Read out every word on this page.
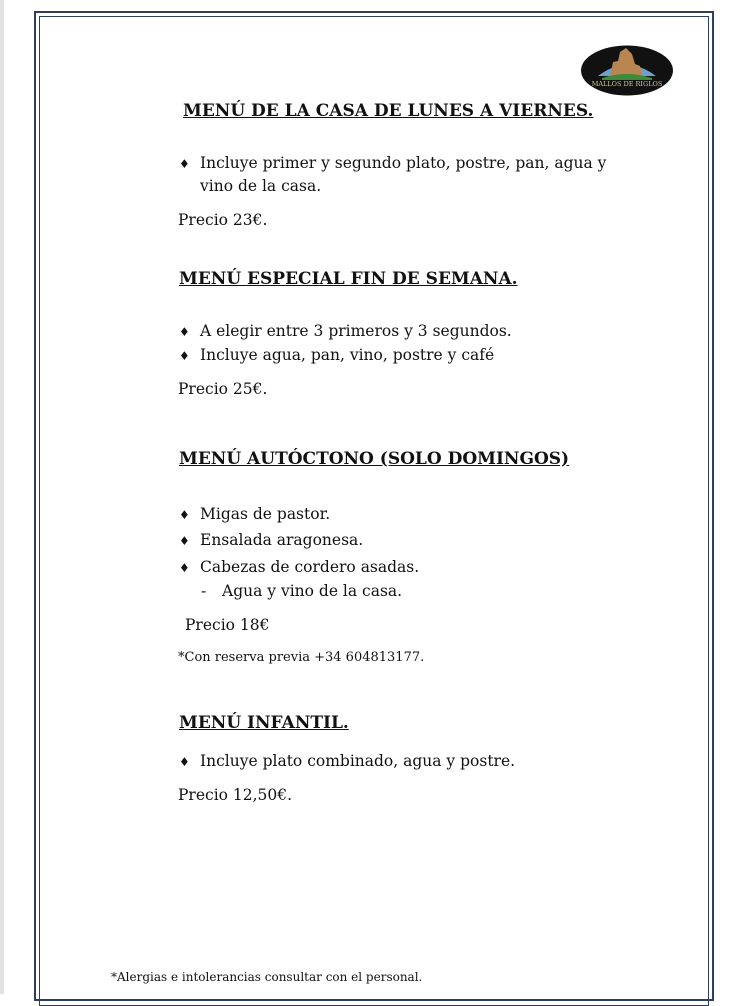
MALLOS DE RIGLOS
MENÚ DE LA CASA DE LUNES A VIERNES.
♦ Incluye primer y segundo plato, postre, pan, agua y
vino de la casa.
Precio 23€.
MENÚ ESPECIAL FIN DE SEMANA.
♦ A elegir entre 3 primeros y 3 segundos.
♦ Incluye agua, pan, vino, postre y café
Precio 25€.
MENÚ AUTÓCTONO (SOLO DOMINGOS)
♦ Migas de pastor.
♦ Ensalada aragonesa.
♦ Cabezas de cordero asadas.
- Agua y vino de la casa.
Precio 18€
*Con reserva previa +34 604813177.
MENÚ INFANTIL.
♦ Incluye plato combinado, agua y postre.
Precio 12,50€.
*Alergias e intolerancias consultar con el personal.
